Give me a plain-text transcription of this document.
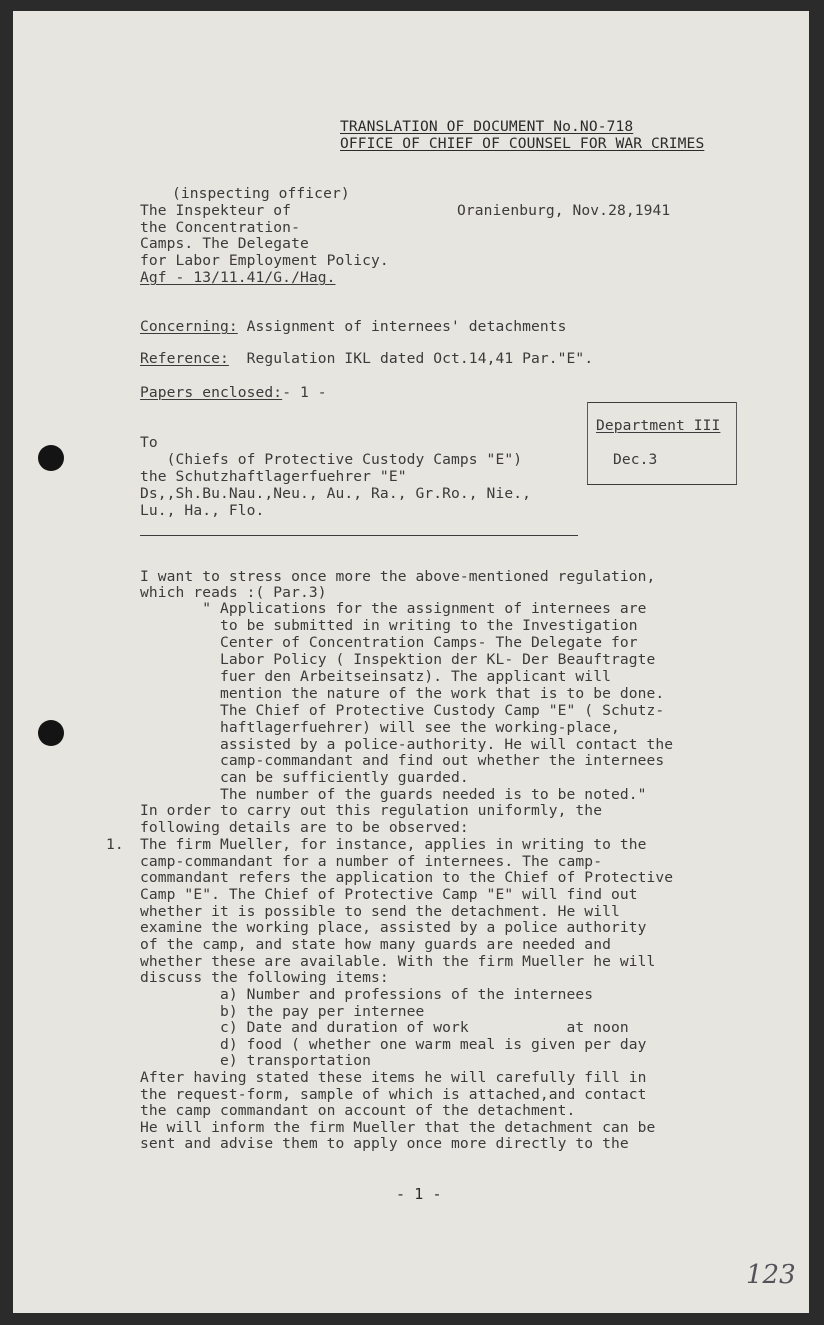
TRANSLATION OF DOCUMENT No.NO-718
OFFICE OF CHIEF OF COUNSEL FOR WAR CRIMES
(inspecting officer)
The Inspekteur of
the Concentration-
Camps. The Delegate
for Labor Employment Policy.
Agf - 13/11.41/G./Hag.
Oranienburg, Nov.28,1941
Concerning: Assignment of internees' detachments
Reference:  Regulation IKL dated Oct.14,41 Par."E".
Papers enclosed:- 1 -
Department III
Dec.3
To
(Chiefs of Protective Custody Camps "E")
the Schutzhaftlagerfuehrer "E"
Ds,,Sh.Bu.Nau.,Neu., Au., Ra., Gr.Ro., Nie.,
Lu., Ha., Flo.
I want to stress once more the above-mentioned regulation,
which reads :( Par.3)
" Applications for the assignment of internees are
to be submitted in writing to the Investigation
Center of Concentration Camps- The Delegate for
Labor Policy ( Inspektion der KL- Der Beauftragte
fuer den Arbeitseinsatz). The applicant will
mention the nature of the work that is to be done.
The Chief of Protective Custody Camp "E" ( Schutz-
haftlagerfuehrer) will see the working-place,
assisted by a police-authority. He will contact the
camp-commandant and find out whether the internees
can be sufficiently guarded.
The number of the guards needed is to be noted."
In order to carry out this regulation uniformly, the
following details are to be observed:
1. The firm Mueller, for instance, applies in writing to the
camp-commandant for a number of internees. The camp-
commandant refers the application to the Chief of Protective
Camp "E". The Chief of Protective Camp "E" will find out
whether it is possible to send the detachment. He will
examine the working place, assisted by a police authority
of the camp, and state how many guards are needed and
whether these are available. With the firm Mueller he will
discuss the following items:
a) Number and professions of the internees
b) the pay per internee
c) Date and duration of work           at noon
d) food ( whether one warm meal is given per day
e) transportation
After having stated these items he will carefully fill in
the request-form, sample of which is attached,and contact
the camp commandant on account of the detachment.
He will inform the firm Mueller that the detachment can be
sent and advise them to apply once more directly to the
- 1 -
123
